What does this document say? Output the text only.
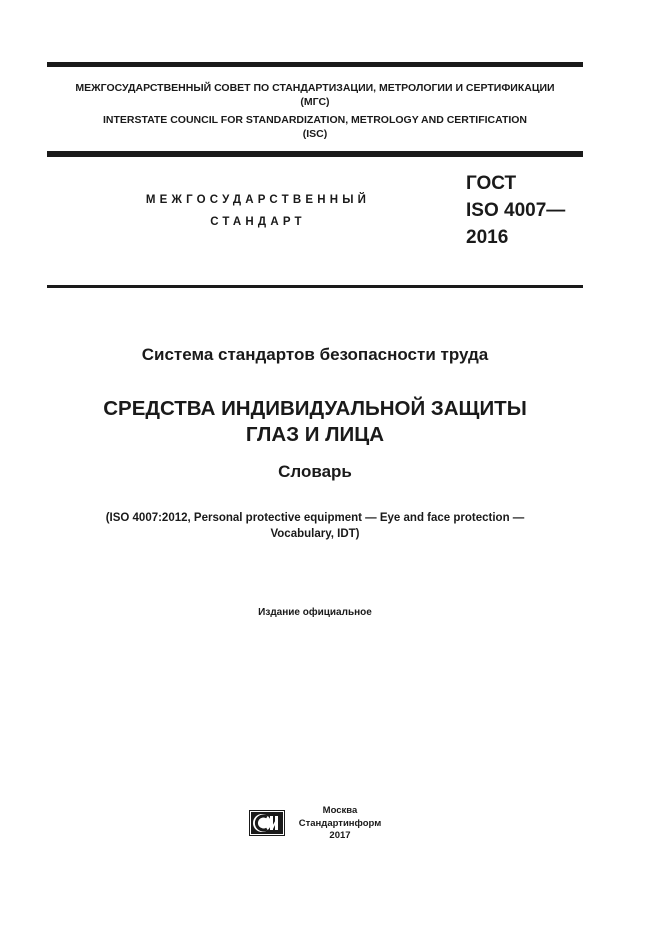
МЕЖГОСУДАРСТВЕННЫЙ СОВЕТ ПО СТАНДАРТИЗАЦИИ, МЕТРОЛОГИИ И СЕРТИФИКАЦИИ
(МГС)
INTERSTATE COUNCIL FOR STANDARDIZATION, METROLOGY AND CERTIFICATION
(ISC)
МЕЖГОСУДАРСТВЕННЫЙ
СТАНДАРТ
ГОСТ
ISO 4007—
2016
Система стандартов безопасности труда
СРЕДСТВА ИНДИВИДУАЛЬНОЙ ЗАЩИТЫ
ГЛАЗ И ЛИЦА
Словарь
(ISO 4007:2012, Personal protective equipment — Eye and face protection —
Vocabulary, IDT)
Издание официальное
Москва
Стандартинформ
2017
